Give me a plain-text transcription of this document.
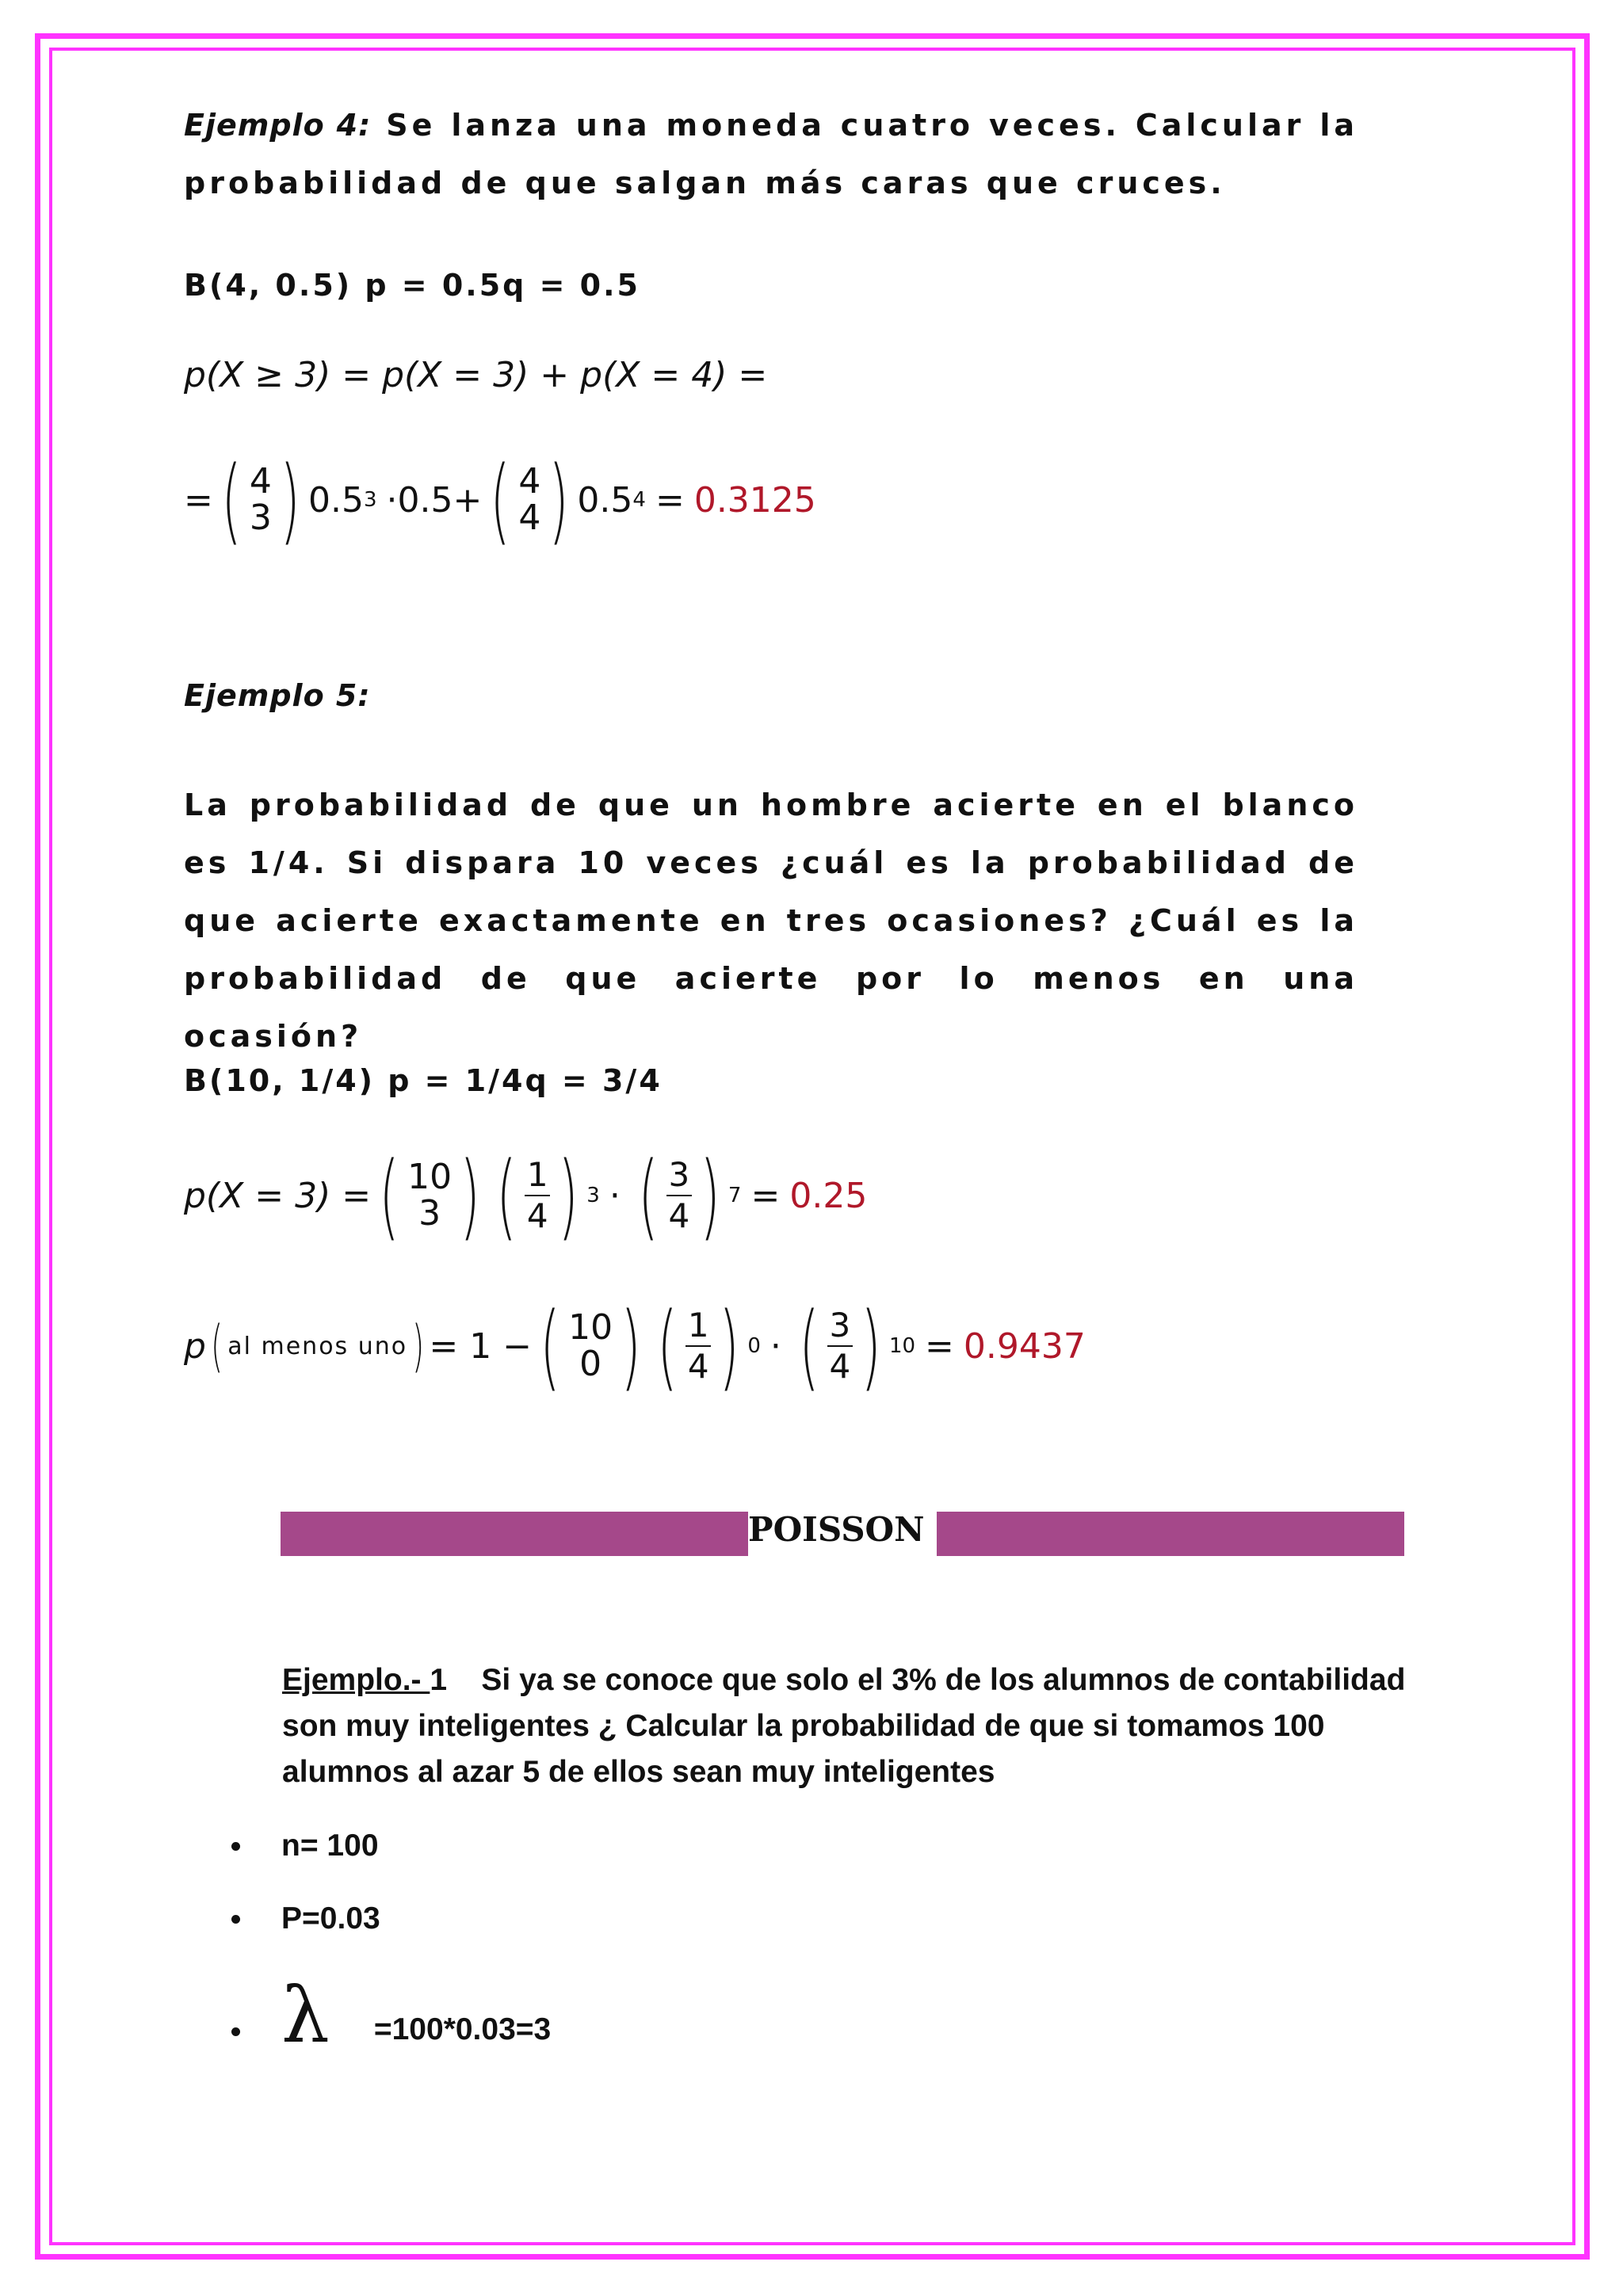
Ejemplo 4: Se lanza una moneda cuatro veces. Calcular la probabilidad de que salgan más caras que cruces.

B(4, 0.5) p = 0.5q = 0.5

p(X ≥ 3) = p(X = 3) + p(X = 4) =
= ( 4
3 ) 0.5 3 ·0.5+ ( 4
4 ) 0.5 4 = 0.3125

Ejemplo 5:

La probabilidad de que un hombre acierte en el blanco es 1/4. Si dispara 10 veces ¿cuál es la probabilidad de que acierte exactamente en tres ocasiones? ¿Cuál es la probabilidad de que acierte por lo menos en una ocasión?

B(10, 1/4) p = 1/4q = 3/4

p(X = 3) = ( 10
3 ) ( $\frac{1}{4}$ ) 3 · ( $\frac{3}{4}$ ) 7 = 0.25
p ( al menos uno ) = 1 − ( 10
0 ) ( $\frac{1}{4}$ ) 0 · ( $\frac{3}{4}$ ) 10 = 0.9437
POISSON

Ejemplo.- 1 Si ya se conoce que solo el 3% de los alumnos de contabilidad son muy inteligentes ¿ Calcular la probabilidad de que si tomamos 100 alumnos al azar 5 de ellos sean muy inteligentes

n= 100
P=0.03
λ =100*0.03=3
